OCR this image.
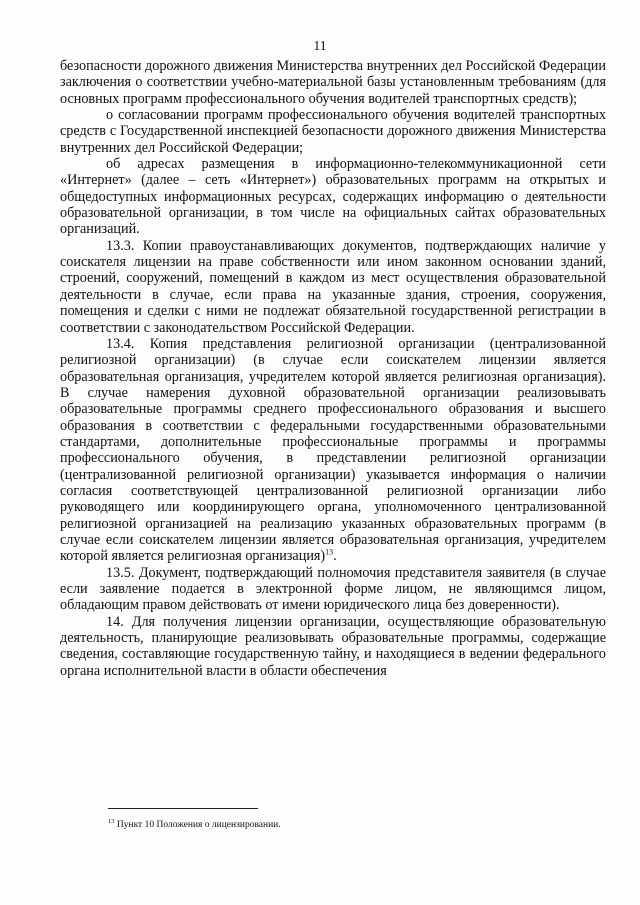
11

безопасности дорожного движения Министерства внутренних дел Российской Федерации заключения о соответствии учебно-материальной базы установленным требованиям (для основных программ профессионального обучения водителей транспортных средств);

о согласовании программ профессионального обучения водителей транспортных средств с Государственной инспекцией безопасности дорожного движения Министерства внутренних дел Российской Федерации;

об адресах размещения в информационно-телекоммуникационной сети «Интернет» (далее – сеть «Интернет») образовательных программ на открытых и общедоступных информационных ресурсах, содержащих информацию о деятельности образовательной организации, в том числе на официальных сайтах образовательных организаций.

13.3. Копии правоустанавливающих документов, подтверждающих наличие у соискателя лицензии на праве собственности или ином законном основании зданий, строений, сооружений, помещений в каждом из мест осуществления образовательной деятельности в случае, если права на указанные здания, строения, сооружения, помещения и сделки с ними не подлежат обязательной государственной регистрации в соответствии с законодательством Российской Федерации.

13.4. Копия представления религиозной организации (централизованной религиозной организации) (в случае если соискателем лицензии является образовательная организация, учредителем которой является религиозная организация). В случае намерения духовной образовательной организации реализовывать образовательные программы среднего профессионального образования и высшего образования в соответствии с федеральными государственными образовательными стандартами, дополнительные профессиональные программы и программы профессионального обучения, в представлении религиозной организации (централизованной религиозной организации) указывается информация о наличии согласия соответствующей централизованной религиозной организации либо руководящего или координирующего органа, уполномоченного централизованной религиозной организацией на реализацию указанных образовательных программ (в случае если соискателем лицензии является образовательная организация, учредителем которой является религиозная организация)$^{13}$.

13.5. Документ, подтверждающий полномочия представителя заявителя (в случае если заявление подается в электронной форме лицом, не являющимся лицом, обладающим правом действовать от имени юридического лица без доверенности).

14. Для получения лицензии организации, осуществляющие образовательную деятельность, планирующие реализовывать образовательные программы, содержащие сведения, составляющие государственную тайну, и находящиеся в ведении федерального органа исполнительной власти в области обеспечения

$^{13}$ Пункт 10 Положения о лицензировании.
